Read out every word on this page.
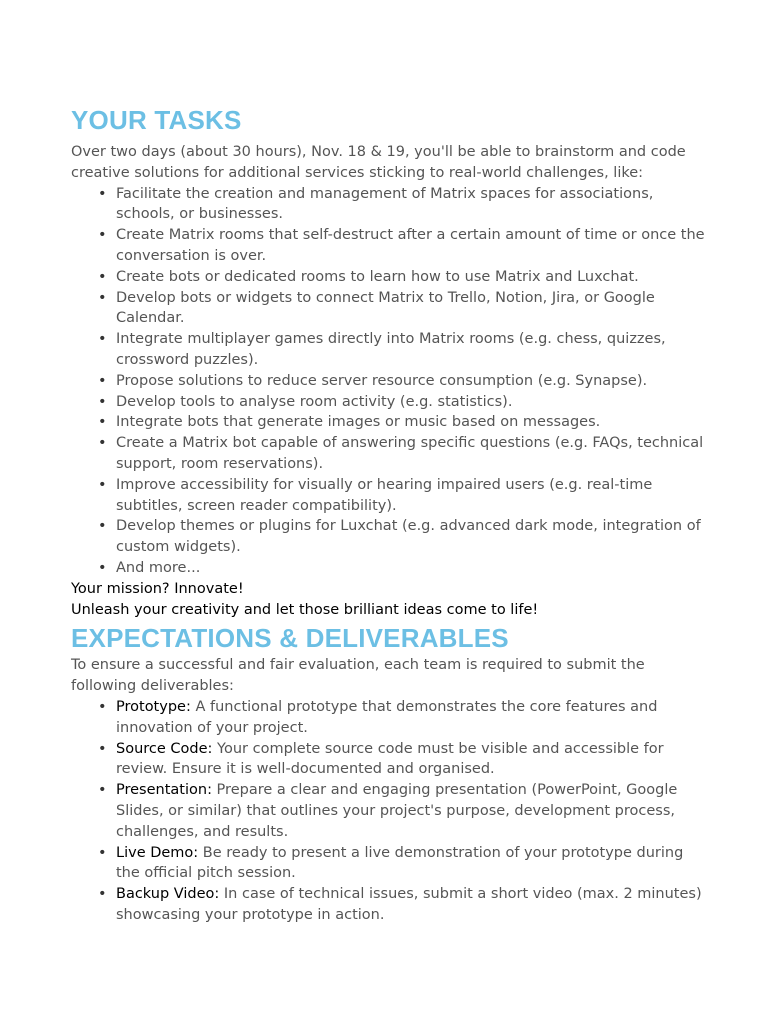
YOUR TASKS

Over two days (about 30 hours), Nov. 18 & 19, you'll be able to brainstorm and code creative solutions for additional services sticking to real-world challenges, like:

• Facilitate the creation and management of Matrix spaces for associations, schools, or businesses.
• Create Matrix rooms that self-destruct after a certain amount of time or once the conversation is over.
• Create bots or dedicated rooms to learn how to use Matrix and Luxchat.
• Develop bots or widgets to connect Matrix to Trello, Notion, Jira, or Google Calendar.
• Integrate multiplayer games directly into Matrix rooms (e.g. chess, quizzes, crossword puzzles).
• Propose solutions to reduce server resource consumption (e.g. Synapse).
• Develop tools to analyse room activity (e.g. statistics).
• Integrate bots that generate images or music based on messages.
• Create a Matrix bot capable of answering specific questions (e.g. FAQs, technical support, room reservations).
• Improve accessibility for visually or hearing impaired users (e.g. real-time subtitles, screen reader compatibility).
• Develop themes or plugins for Luxchat (e.g. advanced dark mode, integration of custom widgets).
• And more...

Your mission? Innovate!

Unleash your creativity and let those brilliant ideas come to life!

EXPECTATIONS & DELIVERABLES

To ensure a successful and fair evaluation, each team is required to submit the following deliverables:

• Prototype: A functional prototype that demonstrates the core features and innovation of your project.
• Source Code: Your complete source code must be visible and accessible for review. Ensure it is well-documented and organised.
• Presentation: Prepare a clear and engaging presentation (PowerPoint, Google Slides, or similar) that outlines your project's purpose, development process, challenges, and results.
• Live Demo: Be ready to present a live demonstration of your prototype during the official pitch session.
• Backup Video: In case of technical issues, submit a short video (max. 2 minutes) showcasing your prototype in action.
